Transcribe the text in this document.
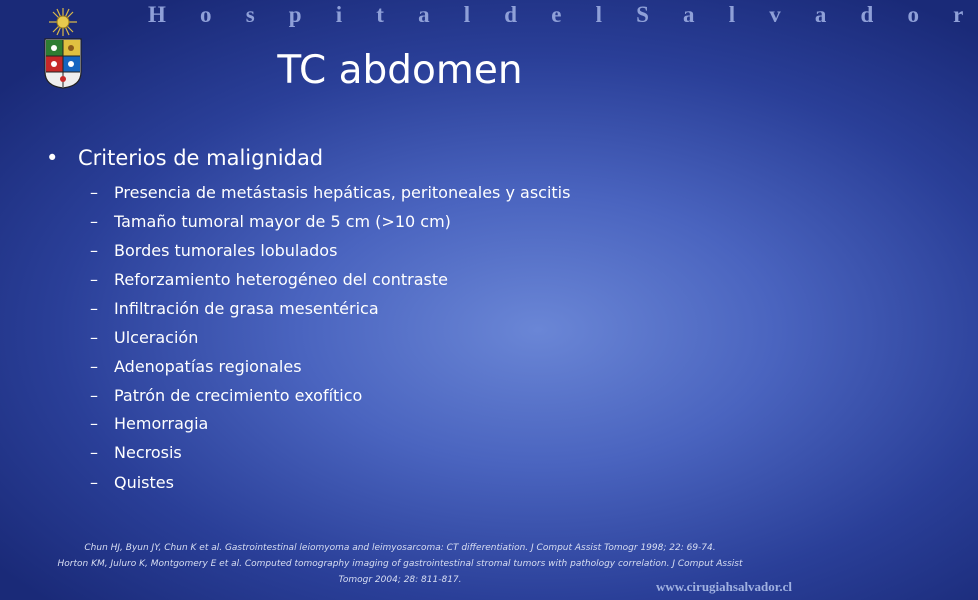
H o s p i t a l d e l S a l v a d o r
TC abdomen
• Criterios de malignidad
– Presencia de metástasis hepáticas, peritoneales y ascitis
– Tamaño tumoral mayor de 5 cm (>10 cm)
– Bordes tumorales lobulados
– Reforzamiento heterogéneo del contraste
– Infiltración de grasa mesentérica
– Ulceración
– Adenopatías regionales
– Patrón de crecimiento exofítico
– Hemorragia
– Necrosis
– Quistes
Chun HJ, Byun JY, Chun K et al. Gastrointestinal leiomyoma and leimyosarcoma: CT differentiation. J Comput Assist Tomogr 1998; 22: 69-74.
Horton KM, Juluro K, Montgomery E et al. Computed tomography imaging of gastrointestinal stromal tumors with pathology correlation. J Comput Assist
Tomogr 2004; 28: 811-817.	www.cirugiahsalvador.cl
